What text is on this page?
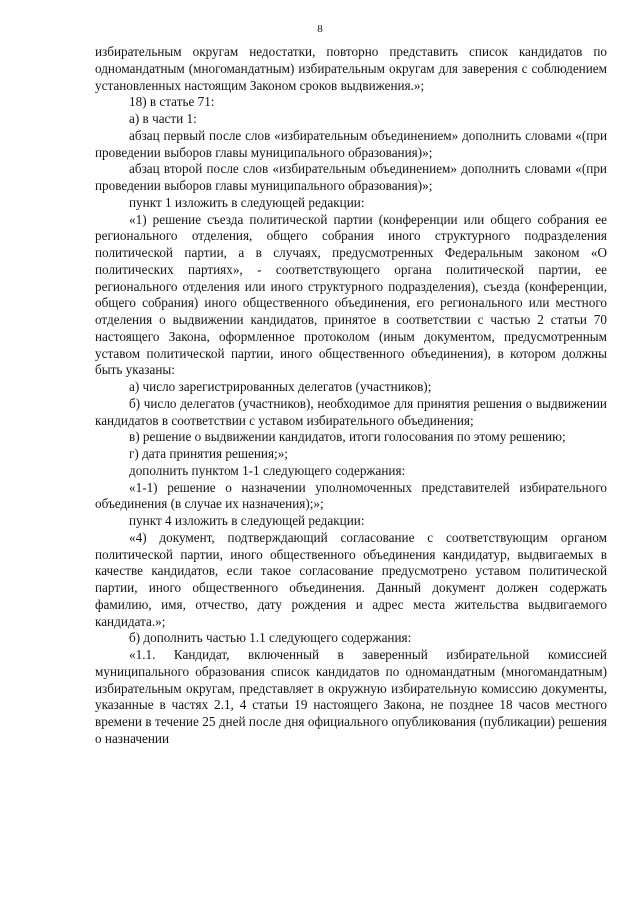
8

избирательным округам недостатки, повторно представить список кандидатов по одномандатным (многомандатным) избирательным округам для заверения с соблюдением установленных настоящим Законом сроков выдвижения.»;

18) в статье 71:

а) в части 1:

абзац первый после слов «избирательным объединением» дополнить словами «(при проведении выборов главы муниципального образования)»;

абзац второй после слов «избирательным объединением» дополнить словами «(при проведении выборов главы муниципального образования)»;

пункт 1 изложить в следующей редакции:

«1) решение съезда политической партии (конференции или общего собрания ее регионального отделения, общего собрания иного структурного подразделения политической партии, а в случаях, предусмотренных Федеральным законом «О политических партиях», - соответствующего органа политической партии, ее регионального отделения или иного структурного подразделения), съезда (конференции, общего собрания) иного общественного объединения, его регионального или местного отделения о выдвижении кандидатов, принятое в соответствии с частью 2 статьи 70 настоящего Закона, оформленное протоколом (иным документом, предусмотренным уставом политической партии, иного общественного объединения), в котором должны быть указаны:

а) число зарегистрированных делегатов (участников);

б) число делегатов (участников), необходимое для принятия решения о выдвижении кандидатов в соответствии с уставом избирательного объединения;

в) решение о выдвижении кандидатов, итоги голосования по этому решению;

г) дата принятия решения;»;

дополнить пунктом 1-1 следующего содержания:

«1-1) решение о назначении уполномоченных представителей избирательного объединения (в случае их назначения);»;

пункт 4 изложить в следующей редакции:

«4) документ, подтверждающий согласование с соответствующим органом политической партии, иного общественного объединения кандидатур, выдвигаемых в качестве кандидатов, если такое согласование предусмотрено уставом политической партии, иного общественного объединения. Данный документ должен содержать фамилию, имя, отчество, дату рождения и адрес места жительства выдвигаемого кандидата.»;

б) дополнить частью 1.1 следующего содержания:

«1.1. Кандидат, включенный в заверенный избирательной комиссией муниципального образования список кандидатов по одномандатным (многомандатным) избирательным округам, представляет в окружную избирательную комиссию документы, указанные в частях 2.1, 4 статьи 19 настоящего Закона, не позднее 18 часов местного времени в течение 25 дней после дня официального опубликования (публикации) решения о назначении
